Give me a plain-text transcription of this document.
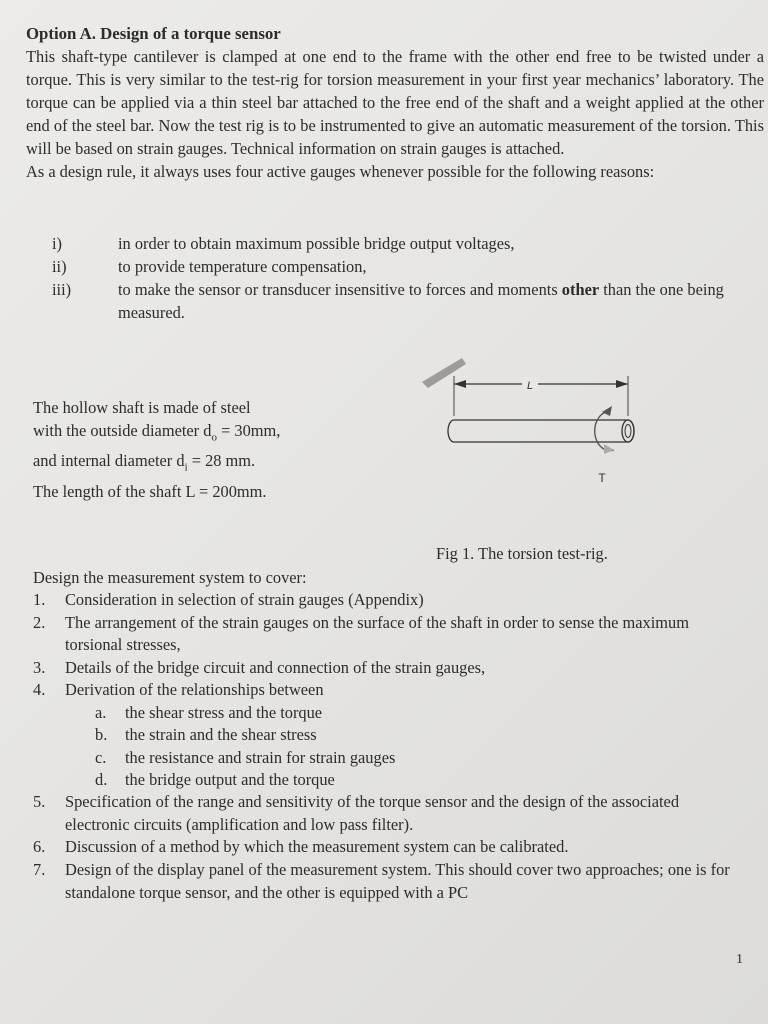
Option A. Design of a torque sensor

This shaft-type cantilever is clamped at one end to the frame with the other end free to be twisted under a torque. This is very similar to the test-rig for torsion measurement in your first year mechanics’ laboratory. The torque can be applied via a thin steel bar attached to the free end of the shaft and a weight applied at the other end of the steel bar. Now the test rig is to be instrumented to give an automatic measurement of the torsion. This will be based on strain gauges. Technical information on strain gauges is attached.

As a design rule, it always uses four active gauges whenever possible for the following reasons:

i)	in order to obtain maximum possible bridge output voltages,
ii)	to provide temperature compensation,
iii)	to make the sensor or transducer insensitive to forces and moments other than the one being measured.
The hollow shaft is made of steel
with the outside diameter $d_o = 30mm$,
and internal diameter $d_i = 28$ mm.
The length of the shaft L = 200mm.
L
T
Fig 1. The torsion test-rig.
Design the measurement system to cover:
1. Consideration in selection of strain gauges (Appendix)
2. The arrangement of the strain gauges on the surface of the shaft in order to sense the maximum torsional stresses,
3. Details of the bridge circuit and connection of the strain gauges,
4. Derivation of the relationships between
a. the shear stress and the torque
b. the strain and the shear stress
c. the resistance and strain for strain gauges
d. the bridge output and the torque
5. Specification of the range and sensitivity of the torque sensor and the design of the associated electronic circuits (amplification and low pass filter).
6. Discussion of a method by which the measurement system can be calibrated.
7. Design of the display panel of the measurement system. This should cover two approaches; one is for standalone torque sensor, and the other is equipped with a PC
1
